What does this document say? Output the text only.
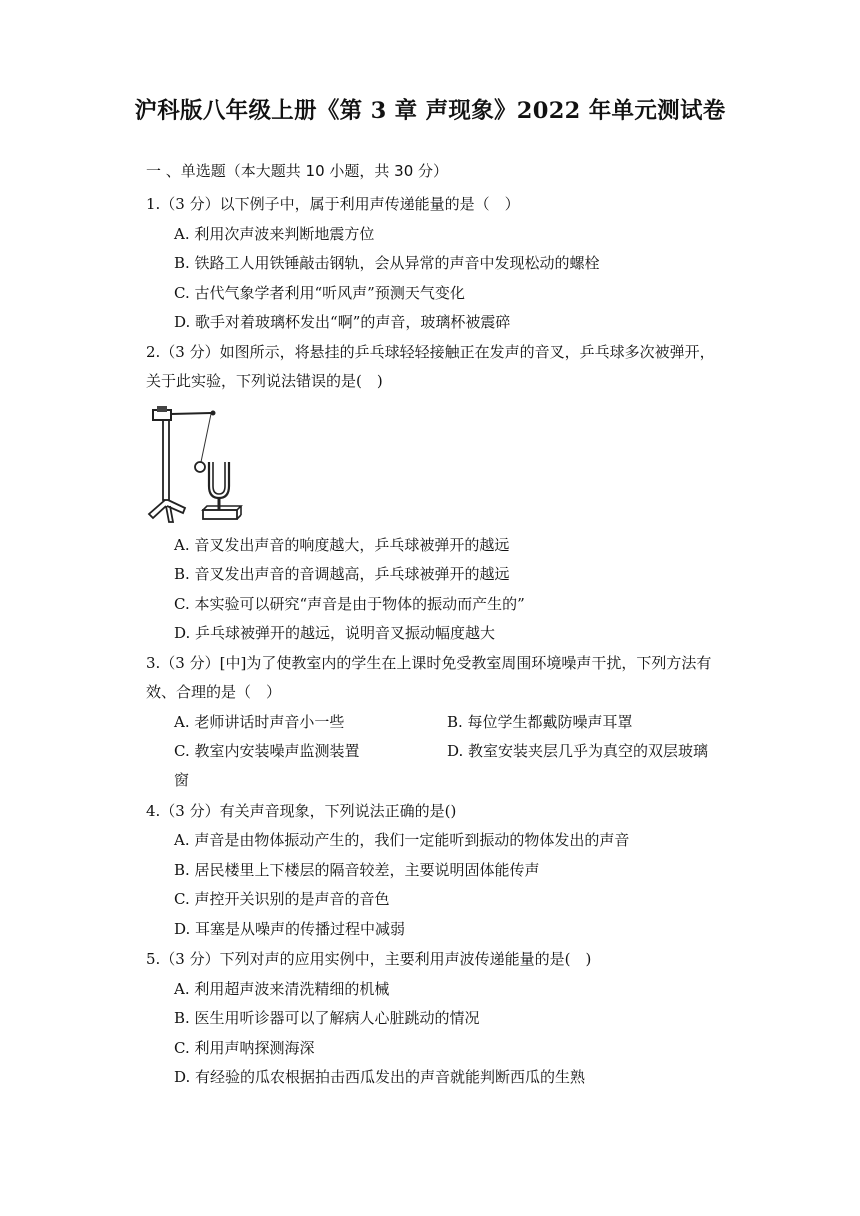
沪科版八年级上册《第 3 章 声现象》2022 年单元测试卷
一 、单选题（本大题共 10 小题，共 30 分）
1.（3 分）以下例子中，属于利用声传递能量的是（　）
A. 利用次声波来判断地震方位
B. 铁路工人用铁锤敲击钢轨，会从异常的声音中发现松动的螺栓
C. 古代气象学者利用“听风声”预测天气变化
D. 歌手对着玻璃杯发出“啊”的声音，玻璃杯被震碎
2.（3 分）如图所示，将悬挂的乒乓球轻轻接触正在发声的音叉，乒乓球多次被弹开，
关于此实验，下列说法错误的是(　)
A. 音叉发出声音的响度越大，乒乓球被弹开的越远
B. 音叉发出声音的音调越高，乒乓球被弹开的越远
C. 本实验可以研究“声音是由于物体的振动而产生的”
D. 乒乓球被弹开的越远，说明音叉振动幅度越大
3.（3 分）[中]为了使教室内的学生在上课时免受教室周围环境噪声干扰，下列方法有
效、合理的是（　）
A. 老师讲话时声音小一些	B. 每位学生都戴防噪声耳罩
C. 教室内安装噪声监测装置	D. 教室安装夹层几乎为真空的双层玻璃
窗
4.（3 分）有关声音现象，下列说法正确的是()
A. 声音是由物体振动产生的，我们一定能听到振动的物体发出的声音
B. 居民楼里上下楼层的隔音较差，主要说明固体能传声
C. 声控开关识别的是声音的音色
D. 耳塞是从噪声的传播过程中减弱
5.（3 分）下列对声的应用实例中，主要利用声波传递能量的是(　)
A. 利用超声波来清洗精细的机械
B. 医生用听诊器可以了解病人心脏跳动的情况
C. 利用声呐探测海深
D. 有经验的瓜农根据拍击西瓜发出的声音就能判断西瓜的生熟
